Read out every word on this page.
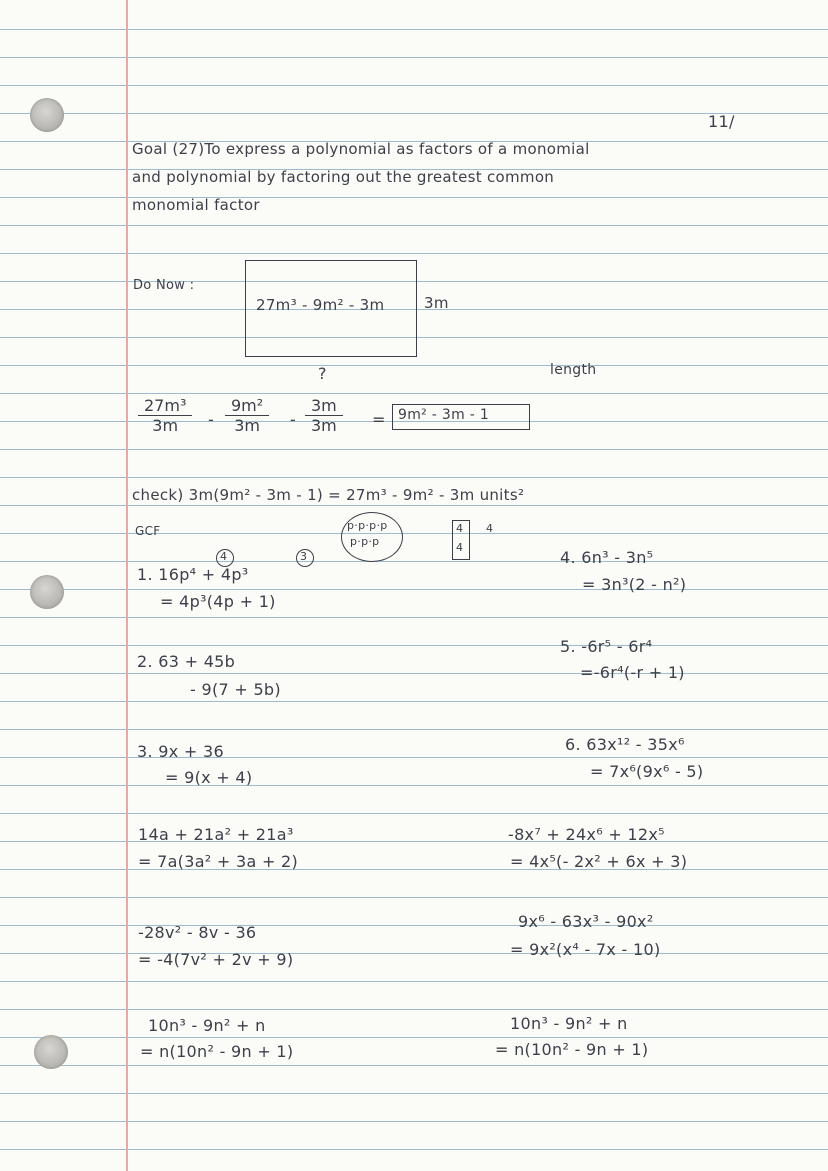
11/
Goal (27)To express a polynomial as factors of a monomial
and polynomial by factoring out the greatest common
monomial factor
Do Now :
27m³ - 9m² - 3m	3m
?	length
$\frac{\text{27m³}}{3m} - \frac{\text{9m²}}{3m} - \frac{3m}{3m} = 9m^2 - 3m - 1$
check) 3m(9m² - 3m - 1) = 27m³ - 9m² - 3m units²
GCF	p·p·p·p
p·p·p
4
4
4
1. 16p⁴ + 4p³
4	3
= 4p³(4p + 1)
2. 63 + 45b
- 9(7 + 5b)
3. 9x + 36
= 9(x + 4)
4. 6n³ - 3n⁵
= 3n³(2 - n²)
5. -6r⁵ - 6r⁴
=-6r⁴(-r + 1)
6. 63x¹² - 35x⁶
= 7x⁶(9x⁶ - 5)
14a + 21a² + 21a³
= 7a(3a² + 3a + 2)
-8x⁷ + 24x⁶ + 12x⁵
= 4x⁵(- 2x² + 6x + 3)
-28v² - 8v - 36
= -4(7v² + 2v + 9)
9x⁶ - 63x³ - 90x²
= 9x²(x⁴ - 7x - 10)
10n³ - 9n² + n
= n(10n² - 9n + 1)
10n³ - 9n² + n
= n(10n² - 9n + 1)
